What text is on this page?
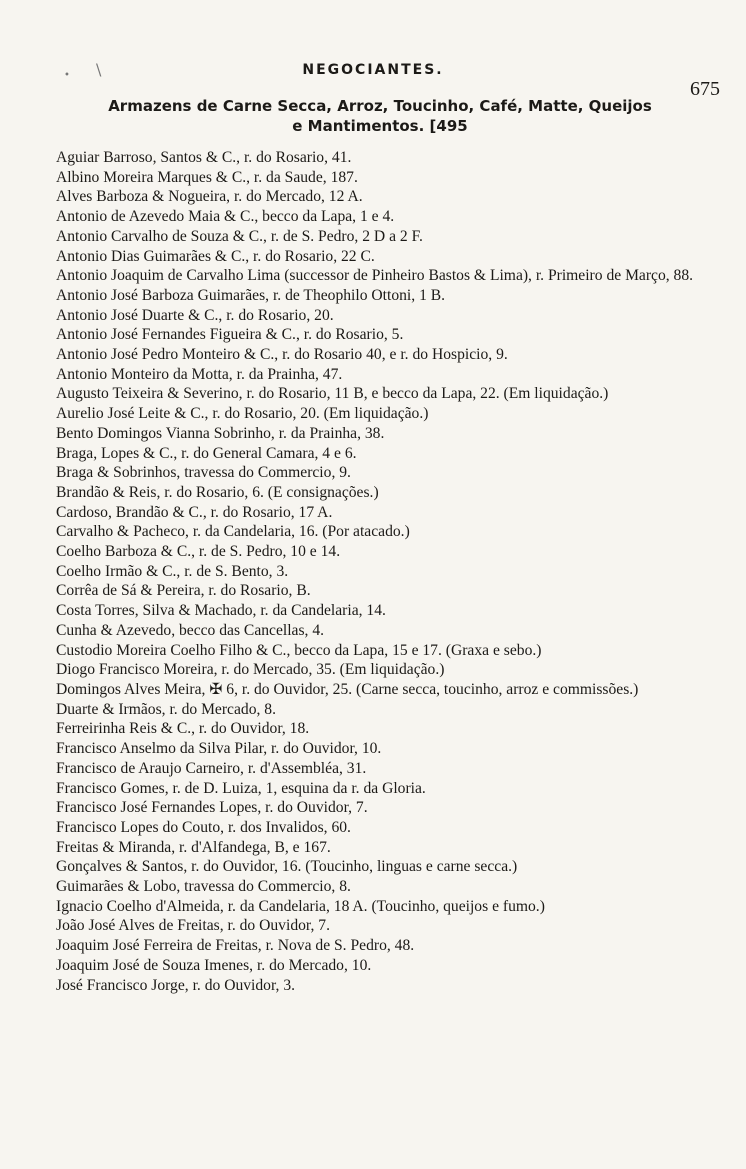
\
•	NEGOCIANTES.
675
Armazens de Carne Secca, Arroz, Toucinho, Café, Matte, Queijos
e Mantimentos. [495

Aguiar Barroso, Santos & C., r. do Rosario, 41.

Albino Moreira Marques & C., r. da Saude, 187.

Alves Barboza & Nogueira, r. do Mercado, 12 A.

Antonio de Azevedo Maia & C., becco da Lapa, 1 e 4.

Antonio Carvalho de Souza & C., r. de S. Pedro, 2 D a 2 F.

Antonio Dias Guimarães & C., r. do Rosario, 22 C.

Antonio Joaquim de Carvalho Lima (successor de Pinheiro Bastos & Lima), r. Primeiro de Março, 88.

Antonio José Barboza Guimarães, r. de Theophilo Ottoni, 1 B.

Antonio José Duarte & C., r. do Rosario, 20.

Antonio José Fernandes Figueira & C., r. do Rosario, 5.

Antonio José Pedro Monteiro & C., r. do Rosario 40, e r. do Hospicio, 9.

Antonio Monteiro da Motta, r. da Prainha, 47.

Augusto Teixeira & Severino, r. do Rosario, 11 B, e becco da Lapa, 22. (Em liquidação.)

Aurelio José Leite & C., r. do Rosario, 20. (Em liquidação.)

Bento Domingos Vianna Sobrinho, r. da Prainha, 38.

Braga, Lopes & C., r. do General Camara, 4 e 6.

Braga & Sobrinhos, travessa do Commercio, 9.

Brandão & Reis, r. do Rosario, 6. (E consignações.)

Cardoso, Brandão & C., r. do Rosario, 17 A.

Carvalho & Pacheco, r. da Candelaria, 16. (Por atacado.)

Coelho Barboza & C., r. de S. Pedro, 10 e 14.

Coelho Irmão & C., r. de S. Bento, 3.

Corrêa de Sá & Pereira, r. do Rosario, B.

Costa Torres, Silva & Machado, r. da Candelaria, 14.

Cunha & Azevedo, becco das Cancellas, 4.

Custodio Moreira Coelho Filho & C., becco da Lapa, 15 e 17. (Graxa e sebo.)

Diogo Francisco Moreira, r. do Mercado, 35. (Em liquidação.)

Domingos Alves Meira, ✠ 6, r. do Ouvidor, 25. (Carne secca, toucinho, arroz e commissões.)

Duarte & Irmãos, r. do Mercado, 8.

Ferreirinha Reis & C., r. do Ouvidor, 18.

Francisco Anselmo da Silva Pilar, r. do Ouvidor, 10.

Francisco de Araujo Carneiro, r. d'Assembléa, 31.

Francisco Gomes, r. de D. Luiza, 1, esquina da r. da Gloria.

Francisco José Fernandes Lopes, r. do Ouvidor, 7.

Francisco Lopes do Couto, r. dos Invalidos, 60.

Freitas & Miranda, r. d'Alfandega, B, e 167.

Gonçalves & Santos, r. do Ouvidor, 16. (Toucinho, linguas e carne secca.)

Guimarães & Lobo, travessa do Commercio, 8.

Ignacio Coelho d'Almeida, r. da Candelaria, 18 A. (Toucinho, queijos e fumo.)

João José Alves de Freitas, r. do Ouvidor, 7.

Joaquim José Ferreira de Freitas, r. Nova de S. Pedro, 48.

Joaquim José de Souza Imenes, r. do Mercado, 10.

José Francisco Jorge, r. do Ouvidor, 3.
